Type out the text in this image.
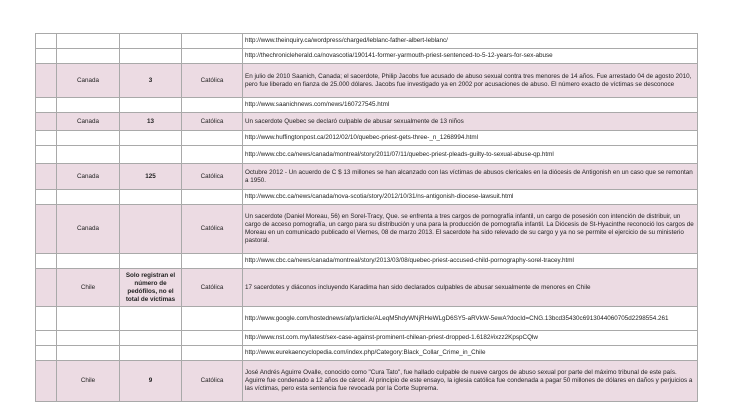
				http://www.theinquiry.ca/wordpress/charged/leblanc-father-albert-leblanc/
				http://thechronicleherald.ca/novascotia/190141-former-yarmouth-priest-sentenced-to-5-12-years-for-sex-abuse
	Canada	3	Católica	En julio de 2010 Saanich, Canada; el sacerdote, Philip Jacobs fue acusado de abuso sexual contra tres menores de 14 años. Fue arrestado 04 de agosto 2010, pero fue liberado en fianza de 25.000 dólares. Jacobs fue investigado ya en 2002 por acusaciones de abuso. El número exacto de víctimas se desconoce
				http://www.saanichnews.com/news/160727545.html
	Canada	13	Católica	Un sacerdote Quebec se declaró culpable de abusar sexualmente de 13 niños
				http://www.huffingtonpost.ca/2012/02/10/quebec-priest-gets-three-_n_1268994.html
				http://www.cbc.ca/news/canada/montreal/story/2011/07/11/quebec-priest-pleads-guilty-to-sexual-abuse-qp.html
	Canada	125	Católica	Octubre 2012 - Un acuerdo de C $ 13 millones se han alcanzado con las víctimas de abusos clericales en la diócesis de Antigonish en un caso que se remontan a 1950.
				http://www.cbc.ca/news/canada/nova-scotia/story/2012/10/31/ns-antigonish-diocese-lawsuit.html
	Canada		Católica	Un sacerdote (Daniel Moreau, 56) en Sorel-Tracy, Que. se enfrenta a tres cargos de pornografía infantil, un cargo de posesión con intención de distribuir, un cargo de acceso pornografía, un cargo para su distribución y una para la producción de pornografía infantil. La Diócesis de St-Hyacinthe reconoció los cargos de Moreau en un comunicado publicado el Viernes, 08 de marzo 2013. El sacerdote ha sido relevado de su cargo y ya no se permite el ejercicio de su ministerio pastoral.
				http://www.cbc.ca/news/canada/montreal/story/2013/03/08/quebec-priest-accused-child-pornography-sorel-tracey.html
	Chile	Solo registran el número de pedófilos, no el total de víctimas	Católica	17 sacerdotes y diáconos incluyendo Karadima han sido declarados culpables de abusar sexualmente de menores en Chile
				http://www.google.com/hostednews/afp/article/ALeqM5hdyWNjRHeWLgD6SY5-aRVkW-5ewA?docId=CNG.13bcd35430c6913044060705d2298554.261
				http://www.nst.com.my/latest/sex-case-against-prominent-chilean-priest-dropped-1.6182#ixzz2KpspCQlw
				http://www.eurekaencyclopedia.com/index.php/Category:Black_Collar_Crime_in_Chile
	Chile	9	Católica	José Andrés Aguirre Ovalle, conocido como "Cura Tato", fue hallado culpable de nueve cargos de abuso sexual por parte del máximo tribunal de este país. Aguirre fue condenado a 12 años de cárcel. Al principio de este ensayo, la iglesia católica fue condenada a pagar 50 millones de dólares en daños y perjuicios a las víctimas, pero esta sentencia fue revocada por la Corte Suprema.
